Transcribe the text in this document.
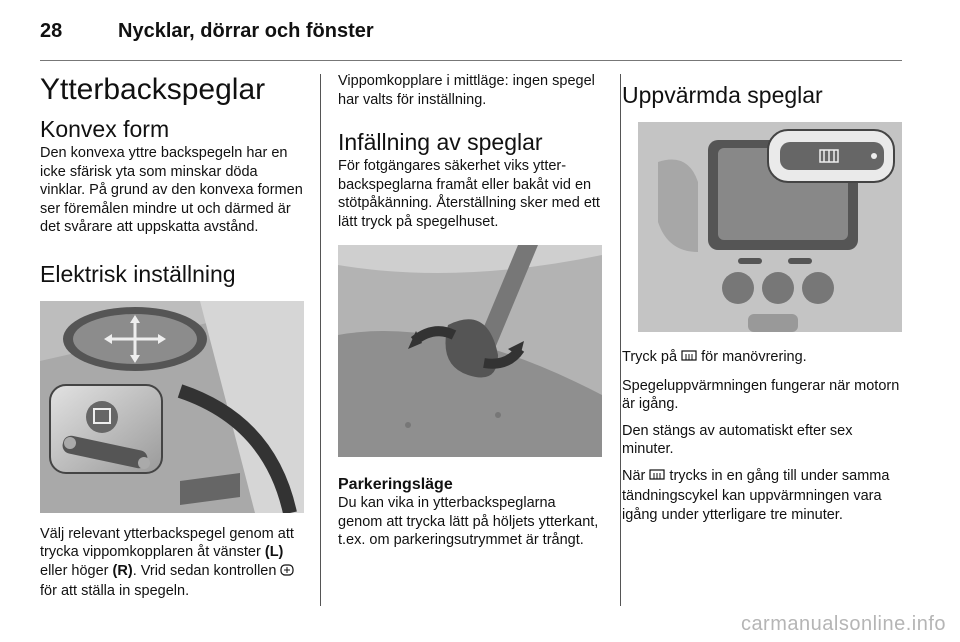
28	Nycklar, dörrar och fönster
Ytterbackspeglar
Konvex form

Den konvexa yttre backspegeln har en icke sfärisk yta som minskar döda vinklar. På grund av den konvexa formen ser föremålen mindre ut och därmed är det svårare att uppskatta avstånd.

Elektrisk inställning

Välj relevant ytterbackspegel genom att trycka vippomkopplaren åt vänster (L) eller höger (R). Vrid sedan kontrollen  för att ställa in spegeln.

Vippomkopplare i mittläge: ingen spegel har valts för inställning.

Infällning av speglar

För fotgängares säkerhet viks ytterbackspeglarna framåt eller bakåt vid en stötpåkänning. Återställning sker med ett lätt tryck på spegelhuset.

Parkeringsläge

Du kan vika in ytterbackspeglarna genom att trycka lätt på höljets ytterkant, t.ex. om parkeringsutrymmet är trångt.

Uppvärmda speglar

Tryck på  för manövrering.

Spegeluppvärmningen fungerar när motorn är igång.

Den stängs av automatiskt efter sex minuter.

När  trycks in en gång till under samma tändningscykel kan uppvärmningen vara igång under ytterligare tre minuter.

carmanualsonline.info
